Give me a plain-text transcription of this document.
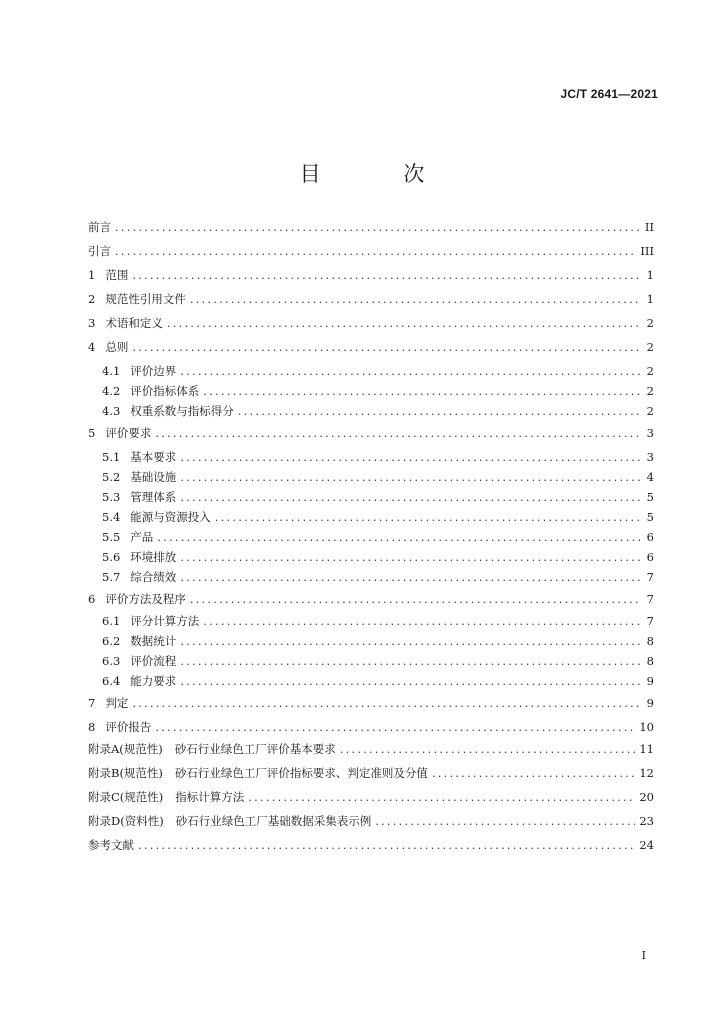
JC/T 2641—2021
目 次
前言 .....	II
引言 .....	III
1 范围 .....	1
2 规范性引用文件 .....	1
3 术语和定义 .....	2
4 总则 .....	2
4.1 评价边界 .....	2
4.2 评价指标体系 .....	2
4.3 权重系数与指标得分 .....	2
5 评价要求 .....	3
5.1 基本要求 .....	3
5.2 基础设施 .....	4
5.3 管理体系 .....	5
5.4 能源与资源投入 .....	5
5.5 产品 .....	6
5.6 环境排放 .....	6
5.7 综合绩效 .....	7
6 评价方法及程序 .....	7
6.1 评分计算方法 .....	7
6.2 数据统计 .....	8
6.3 评价流程 .....	8
6.4 能力要求 .....	9
7 判定 .....	9
8 评价报告 .....	10
附录A(规范性) 砂石行业绿色工厂评价基本要求 .....	11
附录B(规范性) 砂石行业绿色工厂评价指标要求、判定准则及分值 .....	12
附录C(规范性) 指标计算方法 .....	20
附录D(资料性) 砂石行业绿色工厂基础数据采集表示例 .....	23
参考文献 .....	24
I
